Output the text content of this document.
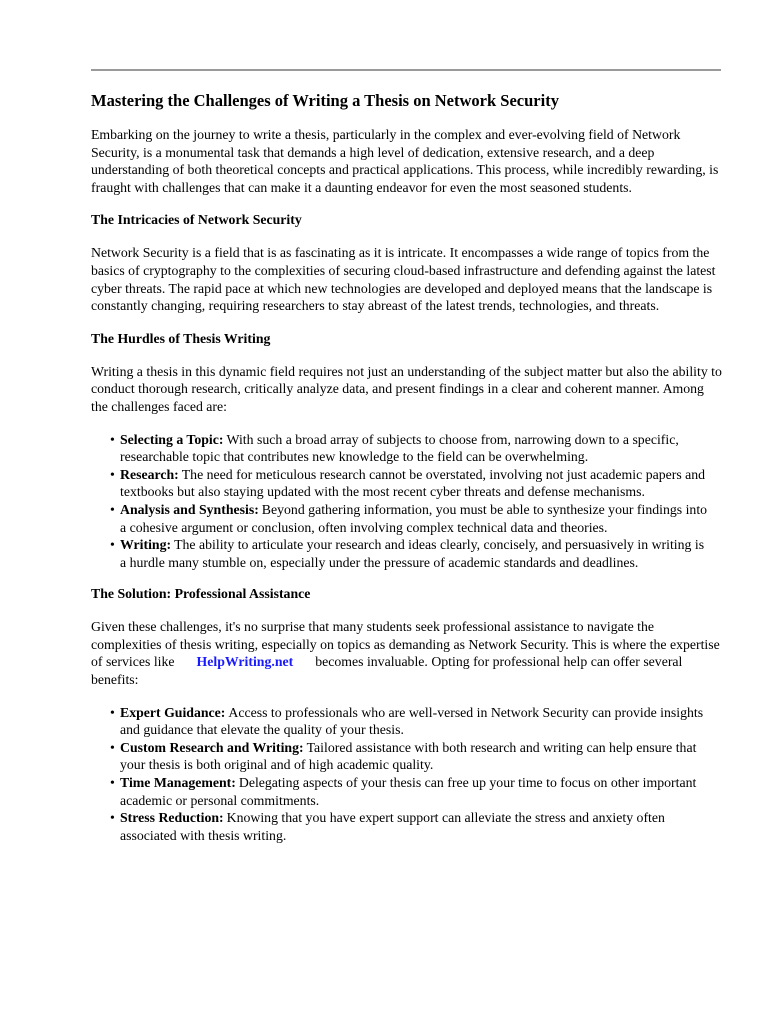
Mastering the Challenges of Writing a Thesis on Network Security

Embarking on the journey to write a thesis, particularly in the complex and ever-evolving field of Network Security, is a monumental task that demands a high level of dedication, extensive research, and a deep understanding of both theoretical concepts and practical applications. This process, while incredibly rewarding, is fraught with challenges that can make it a daunting endeavor for even the most seasoned students.

The Intricacies of Network Security

Network Security is a field that is as fascinating as it is intricate. It encompasses a wide range of topics from the basics of cryptography to the complexities of securing cloud-based infrastructure and defending against the latest cyber threats. The rapid pace at which new technologies are developed and deployed means that the landscape is constantly changing, requiring researchers to stay abreast of the latest trends, technologies, and threats.

The Hurdles of Thesis Writing

Writing a thesis in this dynamic field requires not just an understanding of the subject matter but also the ability to conduct thorough research, critically analyze data, and present findings in a clear and coherent manner. Among the challenges faced are:

• Selecting a Topic: With such a broad array of subjects to choose from, narrowing down to a specific, researchable topic that contributes new knowledge to the field can be overwhelming.
• Research: The need for meticulous research cannot be overstated, involving not just academic papers and textbooks but also staying updated with the most recent cyber threats and defense mechanisms.
• Analysis and Synthesis: Beyond gathering information, you must be able to synthesize your findings into a cohesive argument or conclusion, often involving complex technical data and theories.
• Writing: The ability to articulate your research and ideas clearly, concisely, and persuasively in writing is a hurdle many stumble on, especially under the pressure of academic standards and deadlines.
The Solution: Professional Assistance

Given these challenges, it's no surprise that many students seek professional assistance to navigate the complexities of thesis writing, especially on topics as demanding as Network Security. This is where the expertise of services like HelpWriting.net becomes invaluable. Opting for professional help can offer several benefits:

• Expert Guidance: Access to professionals who are well-versed in Network Security can provide insights and guidance that elevate the quality of your thesis.
• Custom Research and Writing: Tailored assistance with both research and writing can help ensure that your thesis is both original and of high academic quality.
• Time Management: Delegating aspects of your thesis can free up your time to focus on other important academic or personal commitments.
• Stress Reduction: Knowing that you have expert support can alleviate the stress and anxiety often associated with thesis writing.
